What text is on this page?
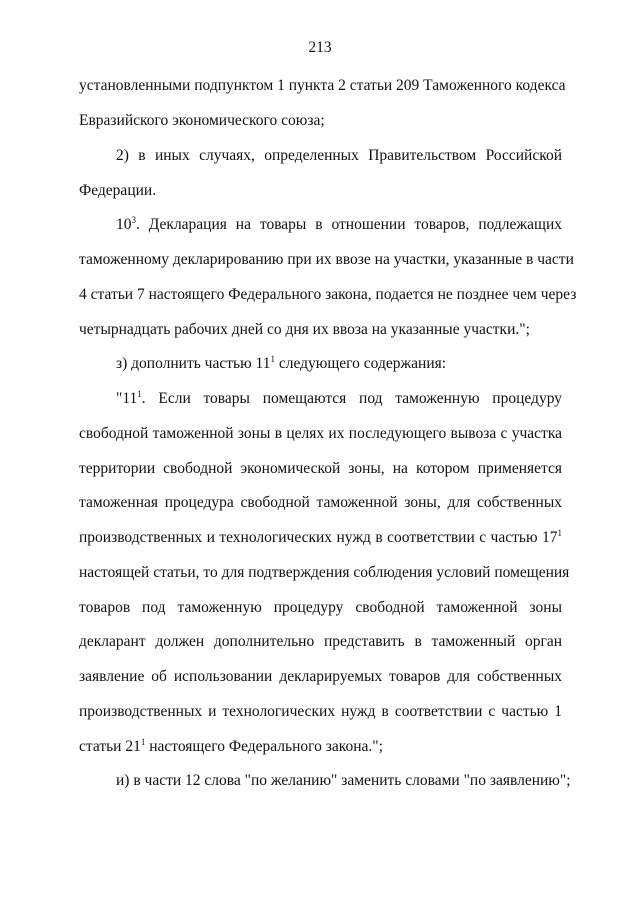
213
установленными подпунктом 1 пункта 2 статьи 209 Таможенного кодекса
Евразийского экономического союза;
2) в иных случаях, определенных Правительством Российской
Федерации.
$10^3$. Декларация на товары в отношении товаров, подлежащих
таможенному декларированию при их ввозе на участки, указанные в части
4 статьи 7 настоящего Федерального закона, подается не позднее чем через
четырнадцать рабочих дней со дня их ввоза на указанные участки.";
з) дополнить частью $11^1$ следующего содержания:
"$11^1$. Если товары помещаются под таможенную процедуру
свободной таможенной зоны в целях их последующего вывоза с участка
территории свободной экономической зоны, на котором применяется
таможенная процедура свободной таможенной зоны, для собственных
производственных и технологических нужд в соответствии с частью $17^1$
настоящей статьи, то для подтверждения соблюдения условий помещения
товаров под таможенную процедуру свободной таможенной зоны
декларант должен дополнительно представить в таможенный орган
заявление об использовании декларируемых товаров для собственных
производственных и технологических нужд в соответствии с частью 1
статьи $21^1$ настоящего Федерального закона.";
и) в части 12 слова "по желанию" заменить словами "по заявлению";
